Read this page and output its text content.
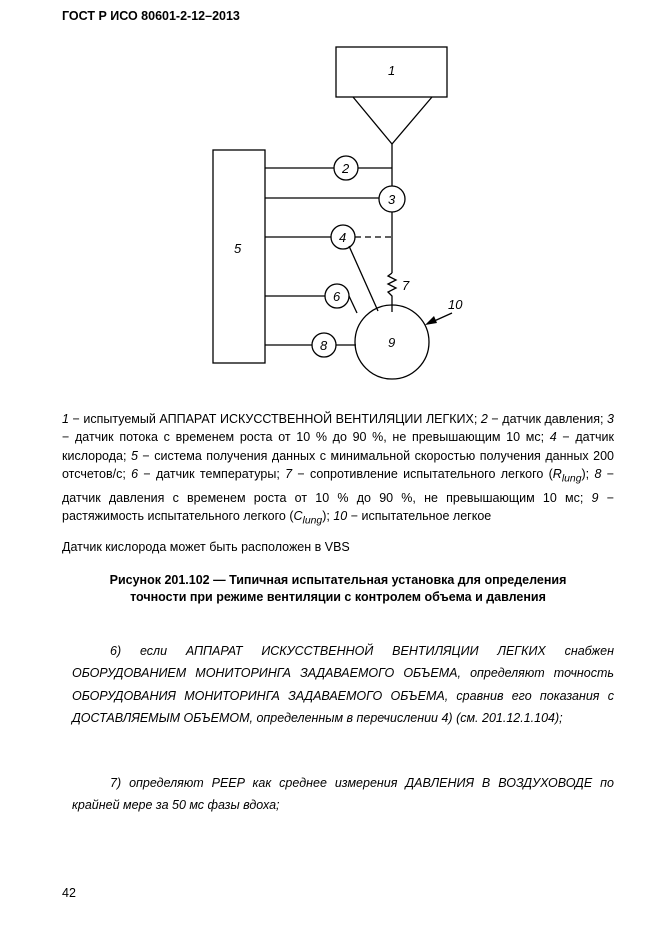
ГОСТ Р ИСО 80601-2-12–2013
1
2
3
4
5
6
7
8	9
10
1 − испытуемый АППАРАТ ИСКУССТВЕННОЙ ВЕНТИЛЯЦИИ ЛЕГКИХ; 2 − датчик давления; 3 − датчик потока с временем роста от 10 % до 90 %, не превышающим 10 мс; 4 − датчик кислорода; 5 − система получения данных с минимальной скоростью получения данных 200 отсчетов/с; 6 − датчик температуры; 7 − сопротивление испытательного легкого $(R_{lung})$; 8 − датчик давления с временем роста от 10 % до 90 %, не превышающим 10 мс; 9 − растяжимость испытательного легкого $(C_{lung})$; 10 − испытательное легкое
Датчик кислорода может быть расположен в VBS
Рисунок 201.102 — Типичная испытательная установка для определения
точности при режиме вентиляции с контролем объема и давления
6) если АППАРАТ ИСКУССТВЕННОЙ ВЕНТИЛЯЦИИ ЛЕГКИХ снабжен ОБОРУДОВАНИЕМ МОНИТОРИНГА ЗАДАВАЕМОГО ОБЪЕМА, определяют точность ОБОРУДОВАНИЯ МОНИТОРИНГА ЗАДАВАЕМОГО ОБЪЕМА, сравнив его показания с ДОСТАВЛЯЕМЫМ ОБЪЕМОМ, определенным в перечислении 4) (см. 201.12.1.104);
7) определяют PEEP как среднее измерения ДАВЛЕНИЯ В ВОЗДУХОВОДЕ по крайней мере за 50 мс фазы вдоха;
42
